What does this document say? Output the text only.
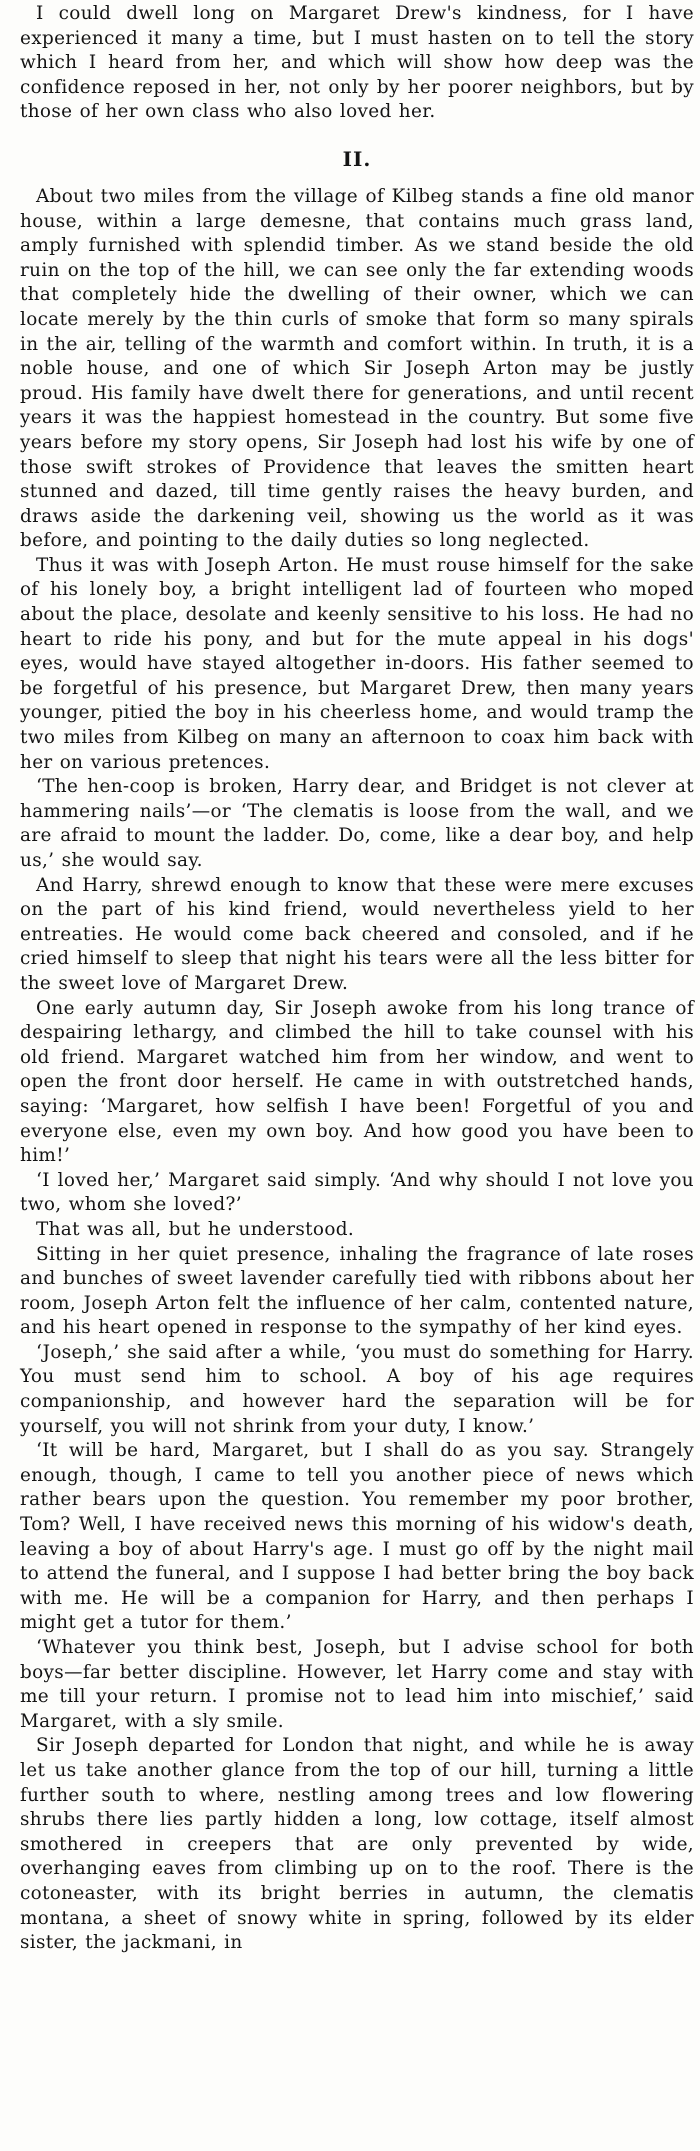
I could dwell long on Margaret Drew's kindness, for I have experienced it many a time, but I must hasten on to tell the story which I heard from her, and which will show how deep was the confidence reposed in her, not only by her poorer neighbors, but by those of her own class who also loved her.

II.

About two miles from the village of Kilbeg stands a fine old manor house, within a large demesne, that contains much grass land, amply furnished with splendid timber. As we stand beside the old ruin on the top of the hill, we can see only the far extending woods that completely hide the dwelling of their owner, which we can locate merely by the thin curls of smoke that form so many spirals in the air, telling of the warmth and comfort within. In truth, it is a noble house, and one of which Sir Joseph Arton may be justly proud. His family have dwelt there for generations, and until recent years it was the happiest homestead in the country. But some five years before my story opens, Sir Joseph had lost his wife by one of those swift strokes of Providence that leaves the smitten heart stunned and dazed, till time gently raises the heavy burden, and draws aside the darkening veil, showing us the world as it was before, and pointing to the daily duties so long neglected.

Thus it was with Joseph Arton. He must rouse himself for the sake of his lonely boy, a bright intelligent lad of fourteen who moped about the place, desolate and keenly sensitive to his loss. He had no heart to ride his pony, and but for the mute appeal in his dogs' eyes, would have stayed altogether in-doors. His father seemed to be forgetful of his presence, but Margaret Drew, then many years younger, pitied the boy in his cheerless home, and would tramp the two miles from Kilbeg on many an afternoon to coax him back with her on various pretences.

‘The hen-coop is broken, Harry dear, and Bridget is not clever at hammering nails’—or ‘The clematis is loose from the wall, and we are afraid to mount the ladder. Do, come, like a dear boy, and help us,’ she would say.

And Harry, shrewd enough to know that these were mere excuses on the part of his kind friend, would nevertheless yield to her entreaties. He would come back cheered and consoled, and if he cried himself to sleep that night his tears were all the less bitter for the sweet love of Margaret Drew.

One early autumn day, Sir Joseph awoke from his long trance of despairing lethargy, and climbed the hill to take counsel with his old friend. Margaret watched him from her window, and went to open the front door herself. He came in with outstretched hands, saying: ‘Margaret, how selfish I have been! Forgetful of you and everyone else, even my own boy. And how good you have been to him!’

‘I loved her,’ Margaret said simply. ‘And why should I not love you two, whom she loved?’

That was all, but he understood.

Sitting in her quiet presence, inhaling the fragrance of late roses and bunches of sweet lavender carefully tied with ribbons about her room, Joseph Arton felt the influence of her calm, contented nature, and his heart opened in response to the sympathy of her kind eyes.

‘Joseph,’ she said after a while, ‘you must do something for Harry. You must send him to school. A boy of his age requires companionship, and however hard the separation will be for yourself, you will not shrink from your duty, I know.’

‘It will be hard, Margaret, but I shall do as you say. Strangely enough, though, I came to tell you another piece of news which rather bears upon the question. You remember my poor brother, Tom? Well, I have received news this morning of his widow's death, leaving a boy of about Harry's age. I must go off by the night mail to attend the funeral, and I suppose I had better bring the boy back with me. He will be a companion for Harry, and then perhaps I might get a tutor for them.’

‘Whatever you think best, Joseph, but I advise school for both boys—far better discipline. However, let Harry come and stay with me till your return. I promise not to lead him into mischief,’ said Margaret, with a sly smile.

Sir Joseph departed for London that night, and while he is away let us take another glance from the top of our hill, turning a little further south to where, nestling among trees and low flowering shrubs there lies partly hidden a long, low cottage, itself almost smothered in creepers that are only prevented by wide, overhanging eaves from climbing up on to the roof. There is the cotoneaster, with its bright berries in autumn, the clematis montana, a sheet of snowy white in spring, followed by its elder sister, the jackmani, in
